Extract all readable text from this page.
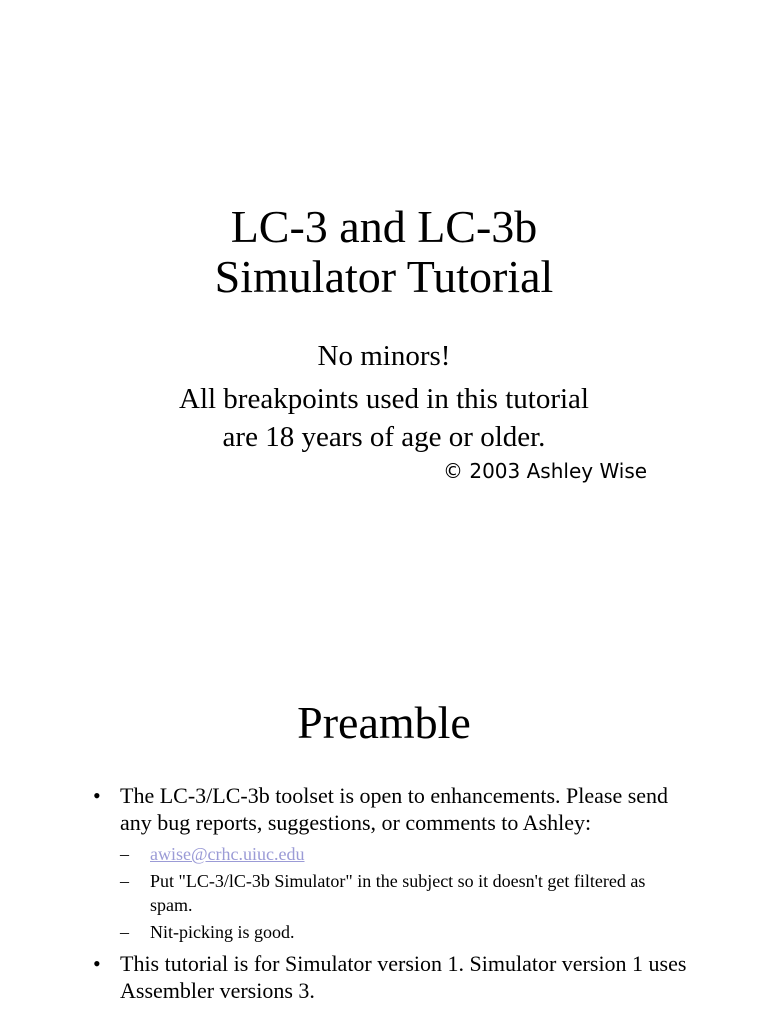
LC-3 and LC-3b
Simulator Tutorial
No minors!
All breakpoints used in this tutorial
are 18 years of age or older.
© 2003 Ashley Wise
Preamble
• The LC-3/LC-3b toolset is open to enhancements. Please send any bug reports, suggestions, or comments to Ashley:
– awise@crhc.uiuc.edu
– Put "LC-3/lC-3b Simulator" in the subject so it doesn't get filtered as spam.
– Nit-picking is good.
• This tutorial is for Simulator version 1. Simulator version 1 uses Assembler versions 3.
